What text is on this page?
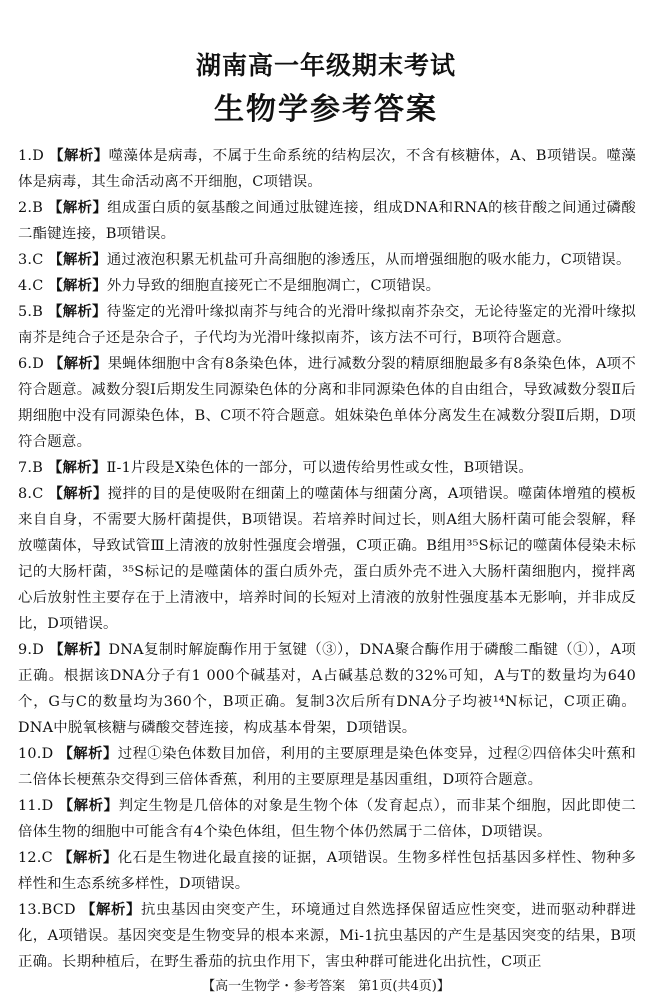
湖南高一年级期末考试
生物学参考答案

1.D 【解析】噬藻体是病毒，不属于生命系统的结构层次，不含有核糖体，A、B项错误。噬藻体是病毒，其生命活动离不开细胞，C项错误。

2.B 【解析】组成蛋白质的氨基酸之间通过肽键连接，组成DNA和RNA的核苷酸之间通过磷酸二酯键连接，B项错误。

3.C 【解析】通过液泡积累无机盐可升高细胞的渗透压，从而增强细胞的吸水能力，C项错误。

4.C 【解析】外力导致的细胞直接死亡不是细胞凋亡，C项错误。

5.B 【解析】待鉴定的光滑叶缘拟南芥与纯合的光滑叶缘拟南芥杂交，无论待鉴定的光滑叶缘拟南芥是纯合子还是杂合子，子代均为光滑叶缘拟南芥，该方法不可行，B项符合题意。

6.D 【解析】果蝇体细胞中含有8条染色体，进行减数分裂的精原细胞最多有8条染色体，A项不符合题意。减数分裂Ⅰ后期发生同源染色体的分离和非同源染色体的自由组合，导致减数分裂Ⅱ后期细胞中没有同源染色体，B、C项不符合题意。姐妹染色单体分离发生在减数分裂Ⅱ后期，D项符合题意。

7.B 【解析】Ⅱ-1片段是X染色体的一部分，可以遗传给男性或女性，B项错误。

8.C 【解析】搅拌的目的是使吸附在细菌上的噬菌体与细菌分离，A项错误。噬菌体增殖的模板来自自身，不需要大肠杆菌提供，B项错误。若培养时间过长，则A组大肠杆菌可能会裂解，释放噬菌体，导致试管Ⅲ上清液的放射性强度会增强，C项正确。B组用³⁵S标记的噬菌体侵染未标记的大肠杆菌，³⁵S标记的是噬菌体的蛋白质外壳，蛋白质外壳不进入大肠杆菌细胞内，搅拌离心后放射性主要存在于上清液中，培养时间的长短对上清液的放射性强度基本无影响，并非成反比，D项错误。

9.D 【解析】DNA复制时解旋酶作用于氢键（③），DNA聚合酶作用于磷酸二酯键（①），A项正确。根据该DNA分子有1 000个碱基对，A占碱基总数的32%可知，A与T的数量均为640个，G与C的数量均为360个，B项正确。复制3次后所有DNA分子均被¹⁴N标记，C项正确。DNA中脱氧核糖与磷酸交替连接，构成基本骨架，D项错误。

10.D 【解析】过程①染色体数目加倍，利用的主要原理是染色体变异，过程②四倍体尖叶蕉和二倍体长梗蕉杂交得到三倍体香蕉，利用的主要原理是基因重组，D项符合题意。

11.D 【解析】判定生物是几倍体的对象是生物个体（发育起点），而非某个细胞，因此即使二倍体生物的细胞中可能含有4个染色体组，但生物个体仍然属于二倍体，D项错误。

12.C 【解析】化石是生物进化最直接的证据，A项错误。生物多样性包括基因多样性、物种多样性和生态系统多样性，D项错误。

13.BCD 【解析】抗虫基因由突变产生，环境通过自然选择保留适应性突变，进而驱动种群进化，A项错误。基因突变是生物变异的根本来源，Mi-1抗虫基因的产生是基因突变的结果，B项正确。长期种植后，在野生番茄的抗虫作用下，害虫种群可能进化出抗性，C项正

【高一生物学・参考答案　第1页(共4页)】
